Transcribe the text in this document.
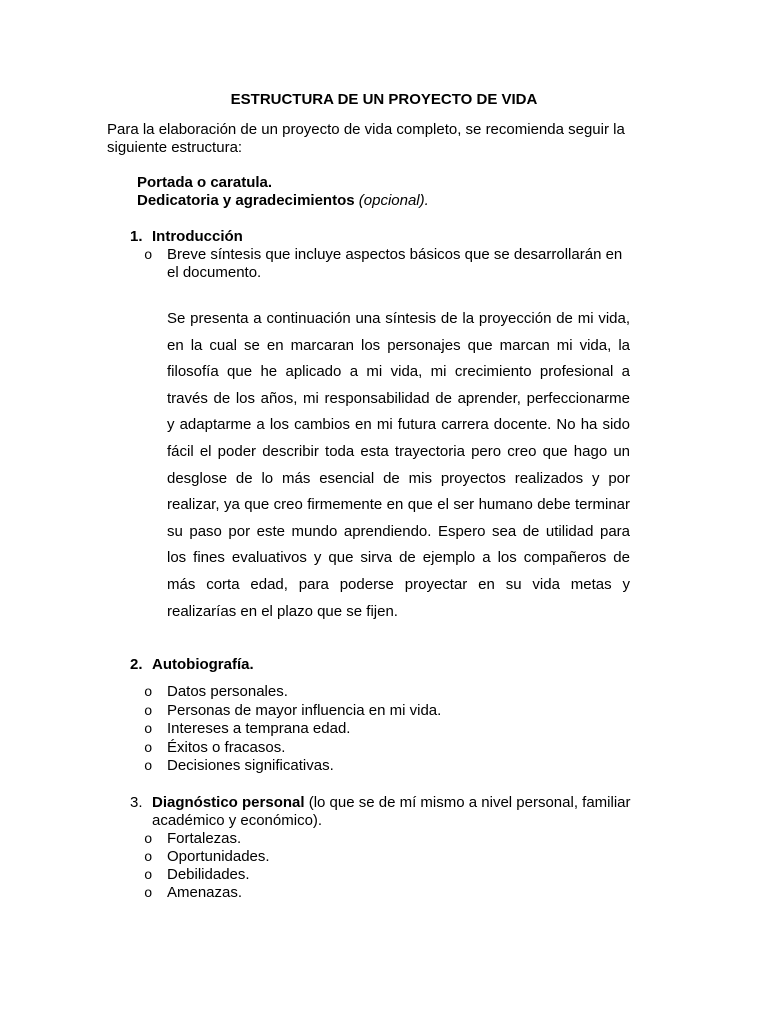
ESTRUCTURA DE UN PROYECTO DE VIDA
Para la elaboración de un proyecto de vida completo, se recomienda seguir la siguiente estructura:
Portada o caratula.
Dedicatoria y agradecimientos (opcional).
1. Introducción
o Breve síntesis que incluye aspectos básicos que se desarrollarán en el documento.
Se presenta a continuación una síntesis de la proyección de mi vida,
en la cual se en marcaran los personajes que marcan mi vida, la
filosofía que he aplicado a mi vida, mi crecimiento profesional a
través de los años, mi responsabilidad de aprender, perfeccionarme
y adaptarme a los cambios en mi futura carrera docente. No ha sido
fácil el poder describir toda esta trayectoria pero creo que hago un
desglose de lo más esencial de mis proyectos realizados y por
realizar, ya que creo firmemente en que el ser humano debe terminar
su paso por este mundo aprendiendo. Espero sea de utilidad para
los fines evaluativos y que sirva de ejemplo a los compañeros de
más corta edad, para poderse proyectar en su vida metas y
realizarías en el plazo que se fijen.
2. Autobiografía.
o Datos personales.
o Personas de mayor influencia en mi vida.
o Intereses a temprana edad.
o Éxitos o fracasos.
o Decisiones significativas.
3. Diagnóstico personal (lo que se de mí mismo a nivel personal, familiar académico y económico).
o Fortalezas.
o Oportunidades.
o Debilidades.
o Amenazas.
